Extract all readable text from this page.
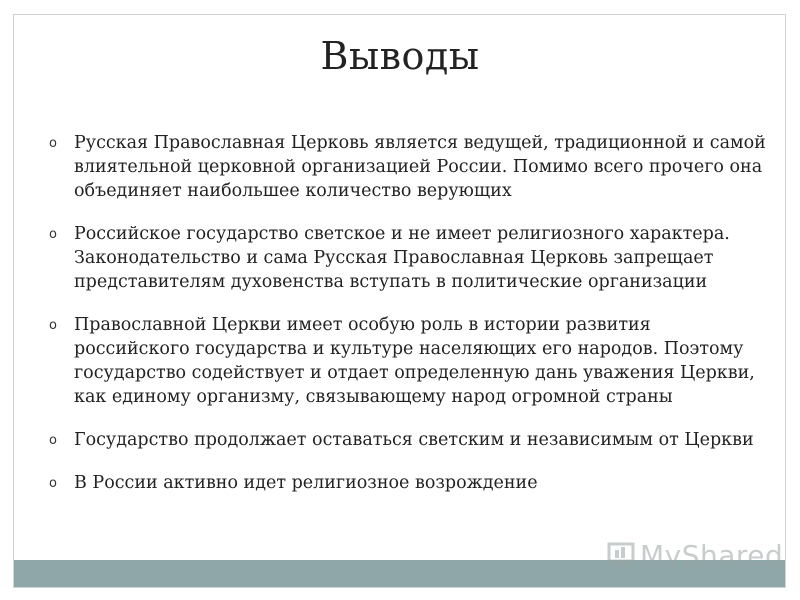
Выводы
o Русская Православная Церковь является ведущей, традиционной и самой влиятельной церковной организацией России. Помимо всего прочего она объединяет наибольшее количество верующих
o Российское государство светское и не имеет религиозного характера. Законодательство и сама Русская Православная Церковь запрещает представителям духовенства вступать в политические организации
o Православной Церкви имеет особую роль в истории развития российского государства и культуре населяющих его народов. Поэтому государство содействует и отдает определенную дань уважения Церкви, как единому организму, связывающему народ огромной страны
o Государство продолжает оставаться светским и независимым от Церкви
o В России активно идет религиозное возрождение
MyShared
